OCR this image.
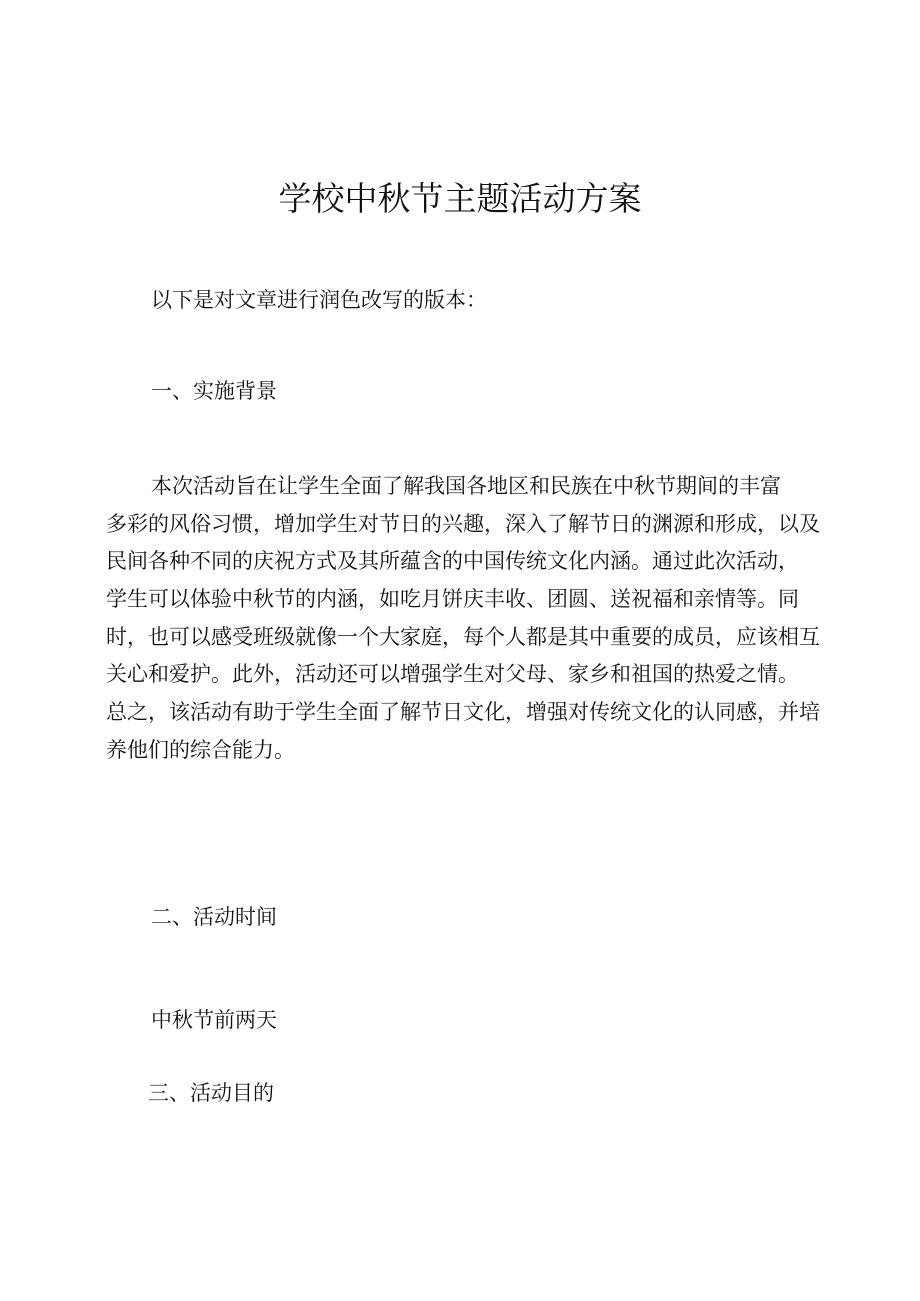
学校中秋节主题活动方案

以下是对文章进行润色改写的版本：

一、实施背景

本次活动旨在让学生全面了解我国各地区和民族在中秋节期间的丰富
多彩的风俗习惯，增加学生对节日的兴趣，深入了解节日的渊源和形成，以及
民间各种不同的庆祝方式及其所蕴含的中国传统文化内涵。通过此次活动，
学生可以体验中秋节的内涵，如吃月饼庆丰收、团圆、送祝福和亲情等。同
时，也可以感受班级就像一个大家庭，每个人都是其中重要的成员，应该相互
关心和爱护。此外，活动还可以增强学生对父母、家乡和祖国的热爱之情。
总之，该活动有助于学生全面了解节日文化，增强对传统文化的认同感，并培
养他们的综合能力。

二、活动时间

中秋节前两天

三、活动目的
